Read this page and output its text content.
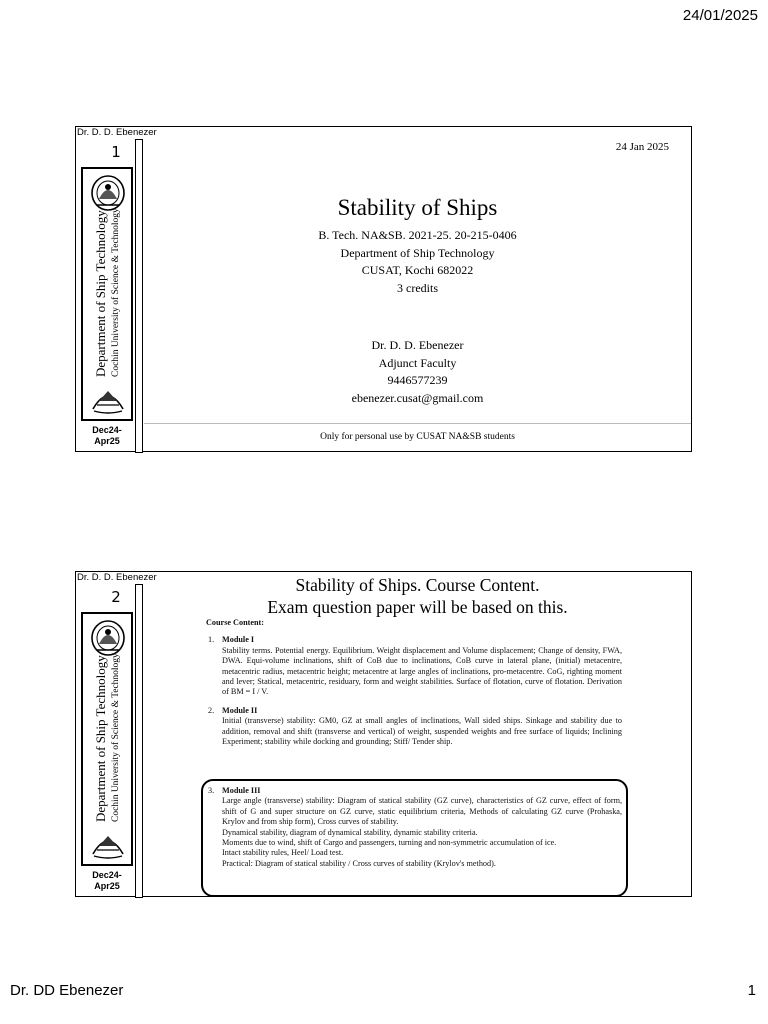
24/01/2025
Dr. D. D. Ebenezer
1
Department of Ship Technology Cochin University of Science & Technology
Dec24-
Apr25
24 Jan 2025
Stability of Ships
B. Tech. NA&SB. 2021-25. 20-215-0406
Department of Ship Technology
CUSAT, Kochi 682022
3 credits
Dr. D. D. Ebenezer
Adjunct Faculty
9446577239
ebenezer.cusat@gmail.com
Only for personal use by CUSAT NA&SB students
Dr. D. D. Ebenezer
2
Department of Ship Technology Cochin University of Science & Technology
Dec24-
Apr25
Stability of Ships. Course Content.
Exam question paper will be based on this.
Course Content:
1. Module I
Stability terms. Potential energy. Equilibrium. Weight displacement and Volume displacement; Change of density, FWA, DWA. Equi-volume inclinations, shift of CoB due to inclinations, CoB curve in lateral plane, (initial) metacentre, metacentric radius, metacentric height; metacentre at large angles of inclinations, pro-metacentre. CoG, righting moment and lever; Statical, metacentric, residuary, form and weight stabilities. Surface of flotation, curve of flotation. Derivation of BM = I / V.
2. Module II
Initial (transverse) stability: GM0, GZ at small angles of inclinations, Wall sided ships. Sinkage and stability due to addition, removal and shift (transverse and vertical) of weight, suspended weights and free surface of liquids; Inclining Experiment; stability while docking and grounding; Stiff/ Tender ship.
3. Module III
Large angle (transverse) stability: Diagram of statical stability (GZ curve), characteristics of GZ curve, effect of form, shift of G and super structure on GZ curve, static equilibrium criteria, Methods of calculating GZ curve (Prohaska, Krylov and from ship form), Cross curves of stability.
Dynamical stability, diagram of dynamical stability, dynamic stability criteria.
Moments due to wind, shift of Cargo and passengers, turning and non-symmetric accumulation of ice.
Intact stability rules, Heel/ Load test.
Practical: Diagram of statical stability / Cross curves of stability (Krylov's method).
Dr. DD Ebenezer	1
